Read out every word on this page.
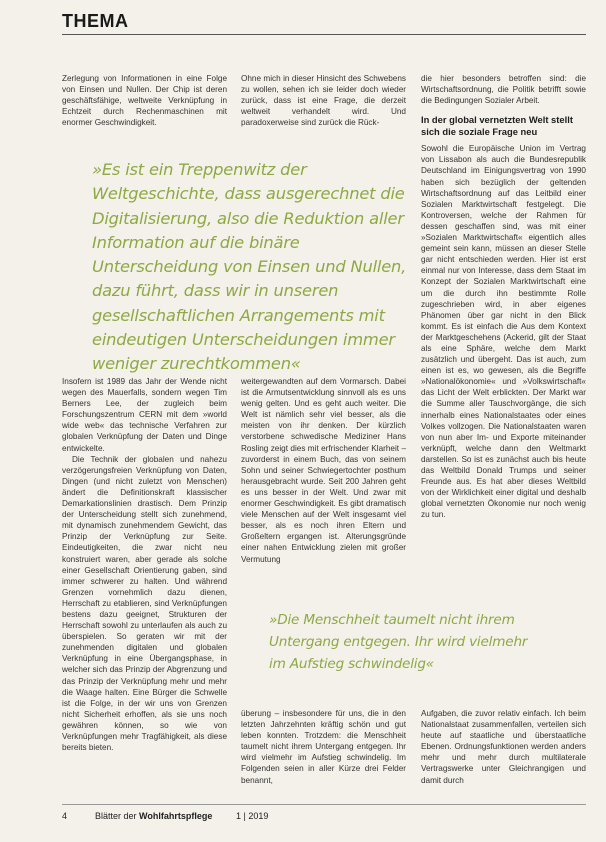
THEMA

Zerlegung von Informationen in eine Folge von Einsen und Nullen. Der Chip ist deren geschäftsfähige, weltweite Verknüpfung in Echtzeit durch Rechenmaschinen mit enormer Geschwindigkeit.

Ohne mich in dieser Hinsicht des Schwebens zu wollen, sehen ich sie leider doch wieder zurück, dass ist eine Frage, die derzeit weltweit verhandelt wird. Und paradoxerweise sind zurück die Rück-

die hier besonders betroffen sind: die Wirtschaftsordnung, die Politik betrifft sowie die Bedingungen Sozialer Arbeit.

In der global vernetzten Welt stellt sich die soziale Frage neu

Sowohl die Europäische Union im Vertrag von Lissabon als auch die Bundesrepublik Deutschland im Einigungsvertrag von 1990 haben sich bezüglich der geltenden Wirtschaftsordnung auf das Leitbild einer Sozialen Marktwirtschaft festgelegt. Die Kontroversen, welche der Rahmen für dessen geschaffen sind, was mit einer »Sozialen Marktwirtschaft« eigentlich alles gemeint sein kann, müssen an dieser Stelle gar nicht entschieden werden. Hier ist erst einmal nur von Interesse, dass dem Staat im Konzept der Sozialen Marktwirtschaft eine um die durch ihn bestimmte Rolle zugeschrieben wird, in aber eigenes Phänomen über gar nicht in den Blick kommt. Es ist einfach die Aus dem Kontext der Marktgeschehens (Ackerid, gilt der Staat als eine Sphäre, welche dem Markt zusätzlich und übergeht. Das ist auch, zum einen ist es, wo gewesen, als die Begriffe »Nationalökonomie« und »Volkswirtschaft« das Licht der Welt erblickten. Der Markt war die Summe aller Tauschvorgänge, die sich innerhalb eines Nationalstaates oder eines Volkes vollzogen. Die Nationalstaaten waren von nun aber Im- und Exporte miteinander verknüpft, welche dann den Weltmarkt darstellen. So ist es zunächst auch bis heute das Weltbild Donald Trumps und seiner Freunde aus. Es hat aber dieses Weltbild von der Wirklichkeit einer digital und deshalb global vernetzten Ökonomie nur noch wenig zu tun.

»Es ist ein Treppenwitz der Weltgeschichte, dass ausgerechnet die Digitalisierung, also die Reduktion aller Information auf die binäre Unterscheidung von Einsen und Nullen, dazu führt, dass wir in unseren gesellschaftlichen Arrangements mit eindeutigen Unterscheidungen immer weniger zurechtkommen«

Insofern ist 1989 das Jahr der Wende nicht wegen des Mauerfalls, sondern wegen Tim Berners Lee, der zugleich beim Forschungszentrum CERN mit dem »world wide web« das technische Verfahren zur globalen Verknüpfung der Daten und Dinge entwickelte.

Die Technik der globalen und nahezu verzögerungsfreien Verknüpfung von Daten, Dingen (und nicht zuletzt von Menschen) ändert die Definitionskraft klassischer Demarkationslinien drastisch. Dem Prinzip der Unterscheidung stellt sich zunehmend, mit dynamisch zunehmendem Gewicht, das Prinzip der Verknüpfung zur Seite. Eindeutigkeiten, die zwar nicht neu konstruiert waren, aber gerade als solche einer Gesellschaft Orientierung gaben, sind immer schwerer zu halten. Und während Grenzen vornehmlich dazu dienen, Herrschaft zu etablieren, sind Verknüpfungen bestens dazu geeignet, Strukturen der Herrschaft sowohl zu unterlaufen als auch zu überspielen. So geraten wir mit der zunehmenden digitalen und globalen Verknüpfung in eine Übergangsphase, in welcher sich das Prinzip der Abgrenzung und das Prinzip der Verknüpfung mehr und mehr die Waage halten. Eine Bürger die Schwelle ist die Folge, in der wir uns von Grenzen nicht Sicherheit erhoffen, als sie uns noch gewähren können, so wie von Verknüpfungen mehr Tragfähigkeit, als diese bereits bieten.

weitergewandten auf dem Vormarsch. Dabei ist die Armutsentwicklung sinnvoll als es uns wenig gelten. Und es geht auch weiter. Die Welt ist nämlich sehr viel besser, als die meisten von ihr denken. Der kürzlich verstorbene schwedische Mediziner Hans Rosling zeigt dies mit erfrischender Klarheit – zuvorderst in einem Buch, das von seinem Sohn und seiner Schwiegertochter posthum herausgebracht wurde. Seit 200 Jahren geht es uns besser in der Welt. Und zwar mit enormer Geschwindigkeit. Es gibt dramatisch viele Menschen auf der Welt insgesamt viel besser, als es noch ihren Eltern und Großeltern ergangen ist. Alterungsgründe einer nahen Entwicklung zielen mit großer Vermutung

»Die Menschheit taumelt nicht ihrem Untergang entgegen. Ihr wird vielmehr im Aufstieg schwindelig«

überung – insbesondere für uns, die in den letzten Jahrzehnten kräftig schön und gut leben konnten. Trotzdem: die Menschheit taumelt nicht ihrem Untergang entgegen. Ihr wird vielmehr im Aufstieg schwindelig. Im Folgenden seien in aller Kürze drei Felder benannt,

Aufgaben, die zuvor relativ einfach. Ich beim Nationalstaat zusammenfallen, verteilen sich heute auf staatliche und überstaatliche Ebenen. Ordnungsfunktionen werden anders mehr und mehr durch multilaterale Vertragswerke unter Gleichrangigen und damit durch

4	Blätter der Wohlfahrtspflege	1 | 2019
